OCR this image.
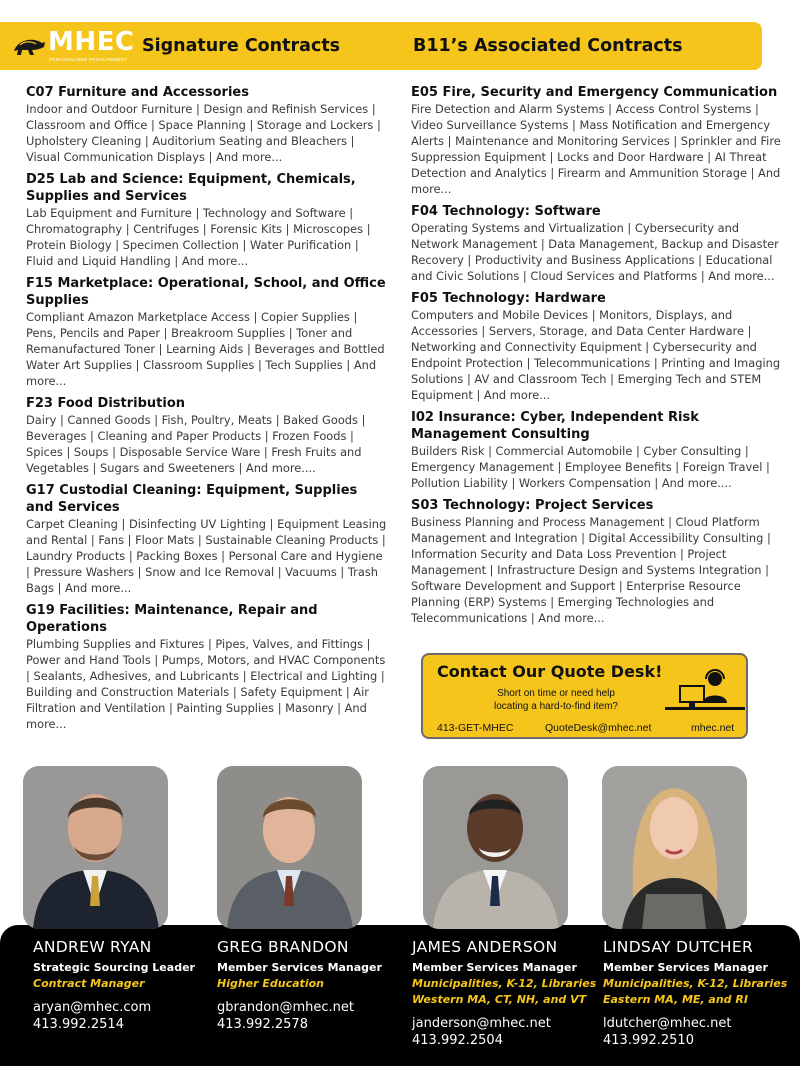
MHEC
PERSONALIZED PROCUREMENT
Signature Contracts	B11’s Associated Contracts
C07 Furniture and Accessories
Indoor and Outdoor Furniture | Design and Refinish Services | Classroom and Office | Space Planning | Storage and Lockers | Upholstery Cleaning | Auditorium Seating and Bleachers | Visual Communication Displays | And more...
D25 Lab and Science: Equipment, Chemicals, Supplies and Services
Lab Equipment and Furniture | Technology and Software | Chromatography | Centrifuges | Forensic Kits | Microscopes | Protein Biology | Specimen Collection | Water Purification | Fluid and Liquid Handling | And more...
F15 Marketplace: Operational, School, and Office Supplies
Compliant Amazon Marketplace Access | Copier Supplies | Pens, Pencils and Paper | Breakroom Supplies | Toner and Remanufactured Toner | Learning Aids | Beverages and Bottled Water Art Supplies | Classroom Supplies | Tech Supplies | And more...
F23 Food Distribution
Dairy | Canned Goods | Fish, Poultry, Meats | Baked Goods | Beverages | Cleaning and Paper Products | Frozen Foods | Spices | Soups | Disposable Service Ware | Fresh Fruits and Vegetables | Sugars and Sweeteners | And more....
G17 Custodial Cleaning: Equipment, Supplies and Services
Carpet Cleaning | Disinfecting UV Lighting | Equipment Leasing and Rental | Fans | Floor Mats | Sustainable Cleaning Products | Laundry Products | Packing Boxes | Personal Care and Hygiene | Pressure Washers | Snow and Ice Removal | Vacuums | Trash Bags | And more...
G19 Facilities: Maintenance, Repair and Operations
Plumbing Supplies and Fixtures | Pipes, Valves, and Fittings | Power and Hand Tools | Pumps, Motors, and HVAC Components | Sealants, Adhesives, and Lubricants | Electrical and Lighting | Building and Construction Materials | Safety Equipment | Air Filtration and Ventilation | Painting Supplies | Masonry | And more...
E05 Fire, Security and Emergency Communication
Fire Detection and Alarm Systems | Access Control Systems | Video Surveillance Systems | Mass Notification and Emergency Alerts | Maintenance and Monitoring Services | Sprinkler and Fire Suppression Equipment | Locks and Door Hardware | AI Threat Detection and Analytics | Firearm and Ammunition Storage | And more...
F04 Technology: Software
Operating Systems and Virtualization | Cybersecurity and Network Management | Data Management, Backup and Disaster Recovery | Productivity and Business Applications | Educational and Civic Solutions | Cloud Services and Platforms | And more...
F05 Technology: Hardware
Computers and Mobile Devices | Monitors, Displays, and Accessories | Servers, Storage, and Data Center Hardware | Networking and Connectivity Equipment | Cybersecurity and Endpoint Protection | Telecommunications | Printing and Imaging Solutions | AV and Classroom Tech | Emerging Tech and STEM Equipment | And more...
I02 Insurance: Cyber, Independent Risk Management Consulting
Builders Risk | Commercial Automobile | Cyber Consulting | Emergency Management | Employee Benefits | Foreign Travel | Pollution Liability | Workers Compensation | And more....
S03 Technology: Project Services
Business Planning and Process Management | Cloud Platform Management and Integration | Digital Accessibility Consulting | Information Security and Data Loss Prevention | Project Management | Infrastructure Design and Systems Integration | Software Development and Support | Enterprise Resource Planning (ERP) Systems | Emerging Technologies and Telecommunications | And more...
Contact Our Quote Desk!
Short on time or need help locating a hard-to-find item?
413-GET-MHEC	QuoteDesk@mhec.net	mhec.net
ANDREW RYAN
Strategic Sourcing Leader
Contract Manager
aryan@mhec.com
413.992.2514
GREG BRANDON
Member Services Manager
Higher Education
gbrandon@mhec.net
413.992.2578
JAMES ANDERSON
Member Services Manager
Municipalities, K-12, Libraries
Western MA, CT, NH, and VT
janderson@mhec.net
413.992.2504
LINDSAY DUTCHER
Member Services Manager
Municipalities, K-12, Libraries
Eastern MA, ME, and RI
ldutcher@mhec.net
413.992.2510
